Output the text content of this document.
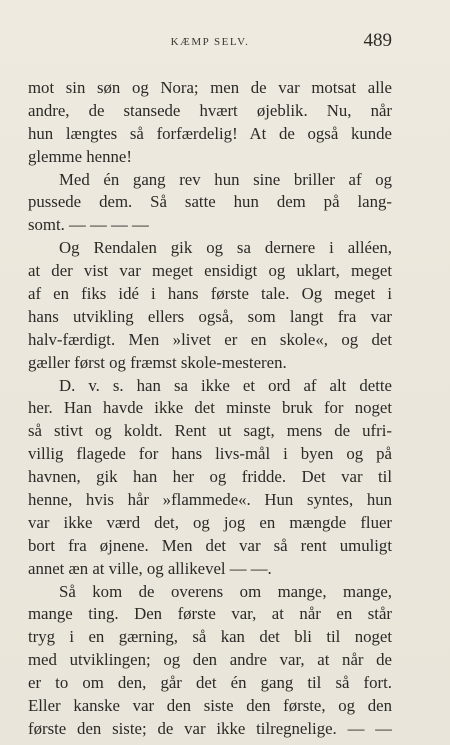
KÆMP SELV.	489
mot sin søn og Nora; men de var motsat alle
andre, de stansede hvært øjeblik. Nu, når
hun længtes så forfærdelig! At de også kunde
glemme henne!
Med én gang rev hun sine briller af og
pussede dem. Så satte hun dem på lang-
somt. — — — —
Og Rendalen gik og sa dernere i alléen,
at der vist var meget ensidigt og uklart, meget
af en fiks idé i hans første tale. Og meget i
hans utvikling ellers også, som langt fra var
halv-færdigt. Men »livet er en skole«, og det
gæller først og fræmst skole-mesteren.
D. v. s. han sa ikke et ord af alt dette
her. Han havde ikke det minste bruk for noget
så stivt og koldt. Rent ut sagt, mens de ufri-
villig flagede for hans livs-mål i byen og på
havnen, gik han her og fridde. Det var til
henne, hvis hår »flammede«. Hun syntes, hun
var ikke værd det, og jog en mængde fluer
bort fra øjnene. Men det var så rent umuligt
annet æn at ville, og allikevel — —.
Så kom de overens om mange, mange,
mange ting. Den første var, at når en står
tryg i en gærning, så kan det bli til noget
med utviklingen; og den andre var, at når de
er to om den, går det én gang til så fort.
Eller kanske var den siste den første, og den
første den siste; de var ikke tilregnelige. — —
